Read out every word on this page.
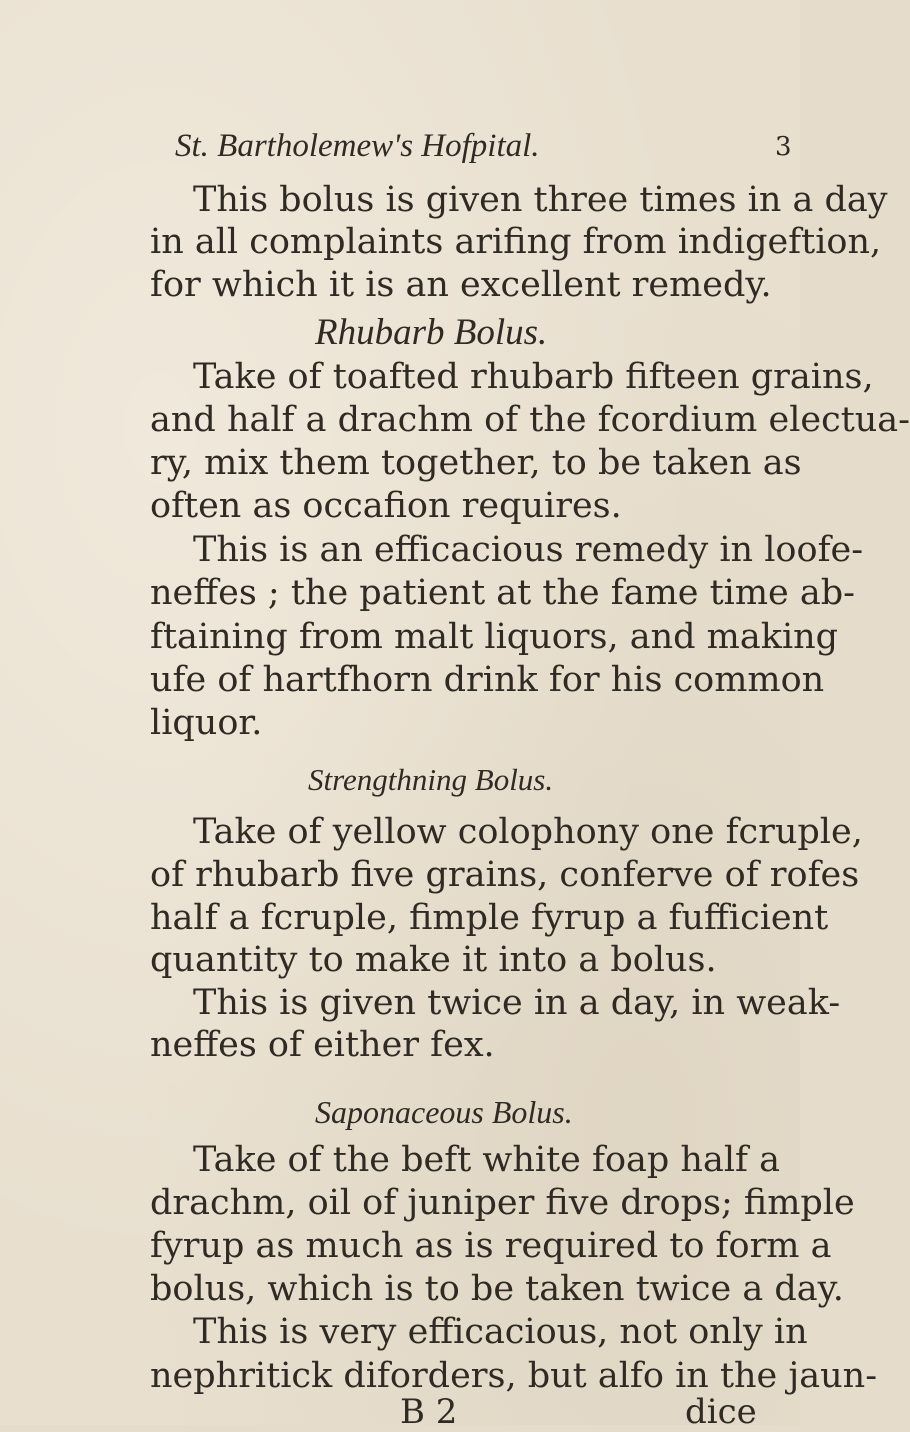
St. Bartholemew's Hofpital.	3
This bolus is given three times in a day
in all complaints arifing from indigeftion,
for which it is an excellent remedy.
Rhubarb Bolus.
Take of toafted rhubarb fifteen grains,
and half a drachm of the fcordium electua-
ry, mix them together, to be taken as
often as occafion requires.
This is an efficacious remedy in loofe-
neffes ; the patient at the fame time ab-
ftaining from malt liquors, and making
ufe of hartfhorn drink for his common
liquor.
Strengthning Bolus.
Take of yellow colophony one fcruple,
of rhubarb five grains, conferve of rofes
half a fcruple, fimple fyrup a fufficient
quantity to make it into a bolus.
This is given twice in a day, in weak-
neffes of either fex.
Saponaceous Bolus.
Take of the beft white foap half a
drachm, oil of juniper five drops; fimple
fyrup as much as is required to form a
bolus, which is to be taken twice a day.
This is very efficacious, not only in
nephritick diforders, but alfo in the jaun-
B 2	dice
